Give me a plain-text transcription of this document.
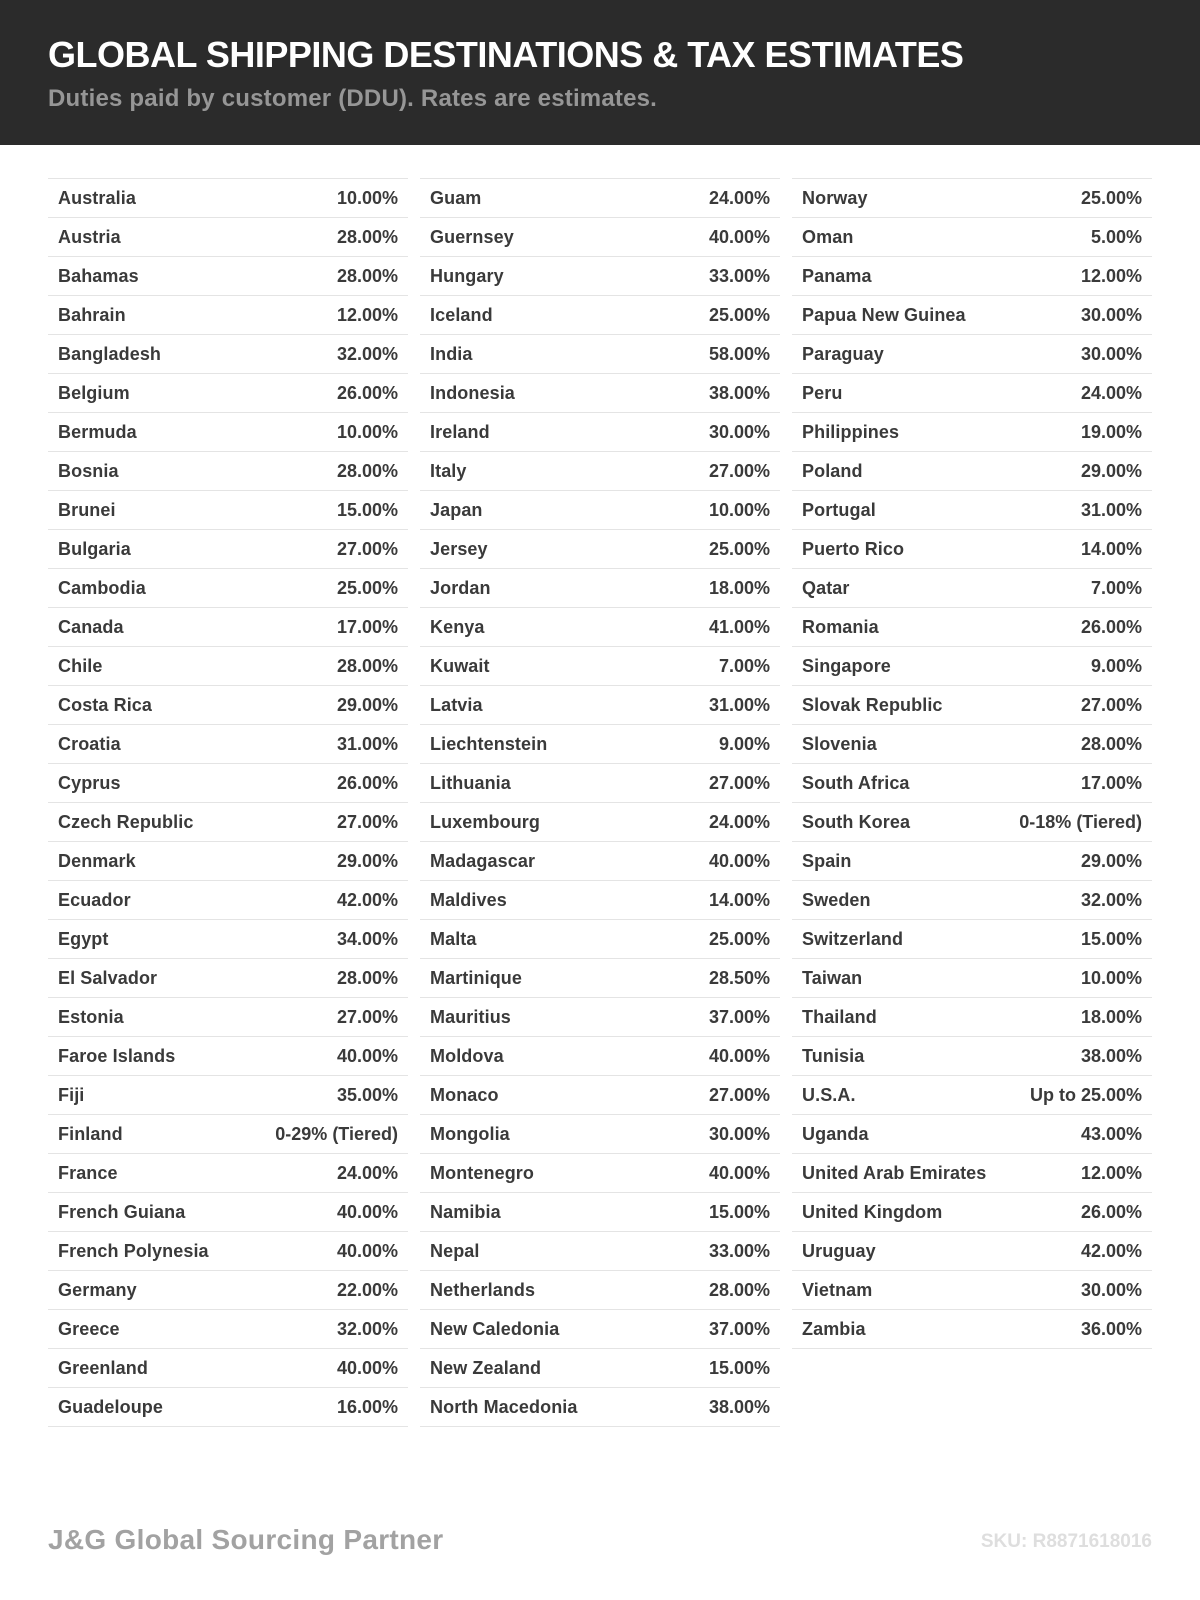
GLOBAL SHIPPING DESTINATIONS & TAX ESTIMATES

Duties paid by customer (DDU). Rates are estimates.

Australia	10.00%
Austria	28.00%
Bahamas	28.00%
Bahrain	12.00%
Bangladesh	32.00%
Belgium	26.00%
Bermuda	10.00%
Bosnia	28.00%
Brunei	15.00%
Bulgaria	27.00%
Cambodia	25.00%
Canada	17.00%
Chile	28.00%
Costa Rica	29.00%
Croatia	31.00%
Cyprus	26.00%
Czech Republic	27.00%
Denmark	29.00%
Ecuador	42.00%
Egypt	34.00%
El Salvador	28.00%
Estonia	27.00%
Faroe Islands	40.00%
Fiji	35.00%
Finland	0-29% (Tiered)
France	24.00%
French Guiana	40.00%
French Polynesia	40.00%
Germany	22.00%
Greece	32.00%
Greenland	40.00%
Guadeloupe	16.00%
Guam	24.00%
Guernsey	40.00%
Hungary	33.00%
Iceland	25.00%
India	58.00%
Indonesia	38.00%
Ireland	30.00%
Italy	27.00%
Japan	10.00%
Jersey	25.00%
Jordan	18.00%
Kenya	41.00%
Kuwait	7.00%
Latvia	31.00%
Liechtenstein	9.00%
Lithuania	27.00%
Luxembourg	24.00%
Madagascar	40.00%
Maldives	14.00%
Malta	25.00%
Martinique	28.50%
Mauritius	37.00%
Moldova	40.00%
Monaco	27.00%
Mongolia	30.00%
Montenegro	40.00%
Namibia	15.00%
Nepal	33.00%
Netherlands	28.00%
New Caledonia	37.00%
New Zealand	15.00%
North Macedonia	38.00%
Norway	25.00%
Oman	5.00%
Panama	12.00%
Papua New Guinea	30.00%
Paraguay	30.00%
Peru	24.00%
Philippines	19.00%
Poland	29.00%
Portugal	31.00%
Puerto Rico	14.00%
Qatar	7.00%
Romania	26.00%
Singapore	9.00%
Slovak Republic	27.00%
Slovenia	28.00%
South Africa	17.00%
South Korea	0-18% (Tiered)
Spain	29.00%
Sweden	32.00%
Switzerland	15.00%
Taiwan	10.00%
Thailand	18.00%
Tunisia	38.00%
U.S.A.	Up to 25.00%
Uganda	43.00%
United Arab Emirates	12.00%
United Kingdom	26.00%
Uruguay	42.00%
Vietnam	30.00%
Zambia	36.00%
J&G Global Sourcing Partner	SKU: R8871618016
